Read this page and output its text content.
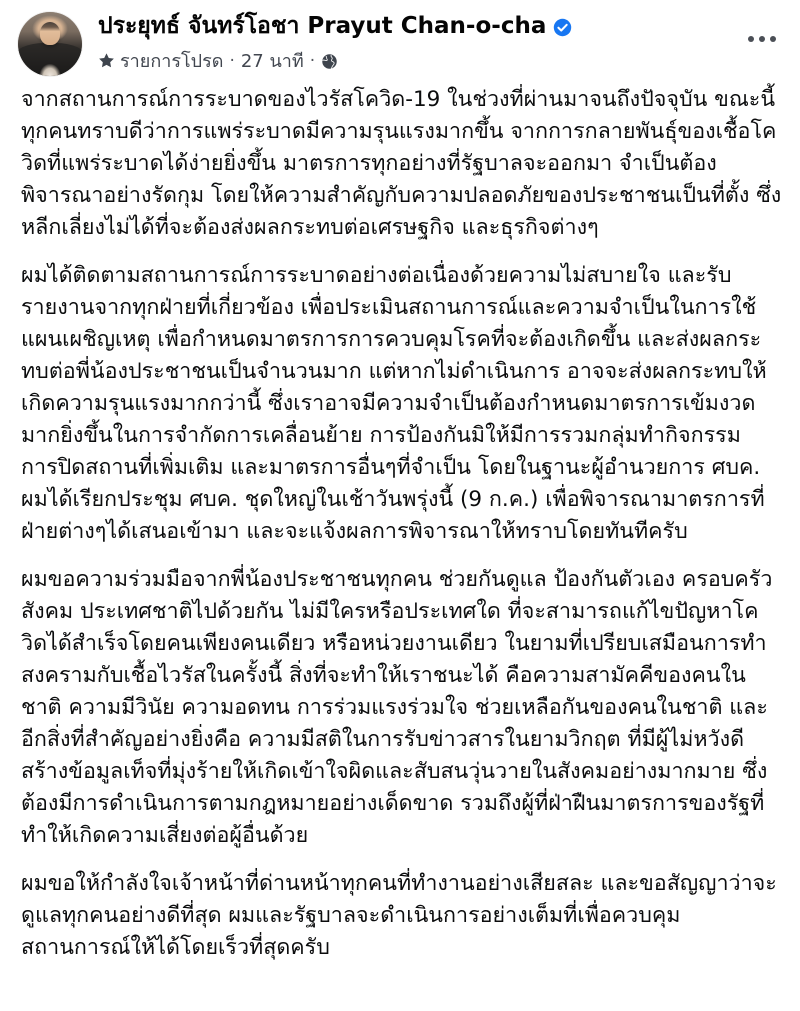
ประยุทธ์ จันทร์โอชา Prayut Chan-o-cha
รายการโปรด · 27 นาที ·

จากสถานการณ์การระบาดของไวรัสโควิด-19 ในช่วงที่ผ่านมาจนถึงปัจจุบัน ขณะนี้ ทุกคนทราบดีว่าการแพร่ระบาดมีความรุนแรงมากขึ้น จากการกลายพันธุ์ของเชื้อโควิดที่แพร่ระบาดได้ง่ายยิ่งขึ้น มาตรการทุกอย่างที่รัฐบาลจะออกมา จำเป็นต้องพิจารณาอย่างรัดกุม โดยให้ความสำคัญกับความปลอดภัยของประชาชนเป็นที่ตั้ง ซึ่งหลีกเลี่ยงไม่ได้ที่จะต้องส่งผลกระทบต่อเศรษฐกิจ และธุรกิจต่างๆ

ผมได้ติดตามสถานการณ์การระบาดอย่างต่อเนื่องด้วยความไม่สบายใจ และรับรายงานจากทุกฝ่ายที่เกี่ยวข้อง เพื่อประเมินสถานการณ์และความจำเป็นในการใช้แผนเผชิญเหตุ เพื่อกำหนดมาตรการการควบคุมโรคที่จะต้องเกิดขึ้น และส่งผลกระทบต่อพี่น้องประชาชนเป็นจำนวนมาก แต่หากไม่ดำเนินการ อาจจะส่งผลกระทบให้เกิดความรุนแรงมากกว่านี้ ซึ่งเราอาจมีความจำเป็นต้องกำหนดมาตรการเข้มงวดมากยิ่งขึ้นในการจำกัดการเคลื่อนย้าย การป้องกันมิให้มีการรวมกลุ่มทำกิจกรรม การปิดสถานที่เพิ่มเติม และมาตรการอื่นๆที่จำเป็น โดยในฐานะผู้อำนวยการ ศบค. ผมได้เรียกประชุม ศบค. ชุดใหญ่ในเช้าวันพรุ่งนี้ (9 ก.ค.) เพื่อพิจารณามาตรการที่ฝ่ายต่างๆได้เสนอเข้ามา และจะแจ้งผลการพิจารณาให้ทราบโดยทันทีครับ

ผมขอความร่วมมือจากพี่น้องประชาชนทุกคน ช่วยกันดูแล ป้องกันตัวเอง ครอบครัว สังคม ประเทศชาติไปด้วยกัน ไม่มีใครหรือประเทศใด ที่จะสามารถแก้ไขปัญหาโควิดได้สำเร็จโดยคนเพียงคนเดียว หรือหน่วยงานเดียว ในยามที่เปรียบเสมือนการทำสงครามกับเชื้อไวรัสในครั้งนี้ สิ่งที่จะทำให้เราชนะได้ คือความสามัคคีของคนในชาติ ความมีวินัย ความอดทน การร่วมแรงร่วมใจ ช่วยเหลือกันของคนในชาติ และอีกสิ่งที่สำคัญอย่างยิ่งคือ ความมีสติในการรับข่าวสารในยามวิกฤต ที่มีผู้ไม่หวังดีสร้างข้อมูลเท็จที่มุ่งร้ายให้เกิดเข้าใจผิดและสับสนวุ่นวายในสังคมอย่างมากมาย ซึ่งต้องมีการดำเนินการตามกฎหมายอย่างเด็ดขาด รวมถึงผู้ที่ฝ่าฝืนมาตรการของรัฐที่ทำให้เกิดความเสี่ยงต่อผู้อื่นด้วย

ผมขอให้กำลังใจเจ้าหน้าที่ด่านหน้าทุกคนที่ทำงานอย่างเสียสละ และขอสัญญาว่าจะดูแลทุกคนอย่างดีที่สุด ผมและรัฐบาลจะดำเนินการอย่างเต็มที่เพื่อควบคุมสถานการณ์ให้ได้โดยเร็วที่สุดครับ
